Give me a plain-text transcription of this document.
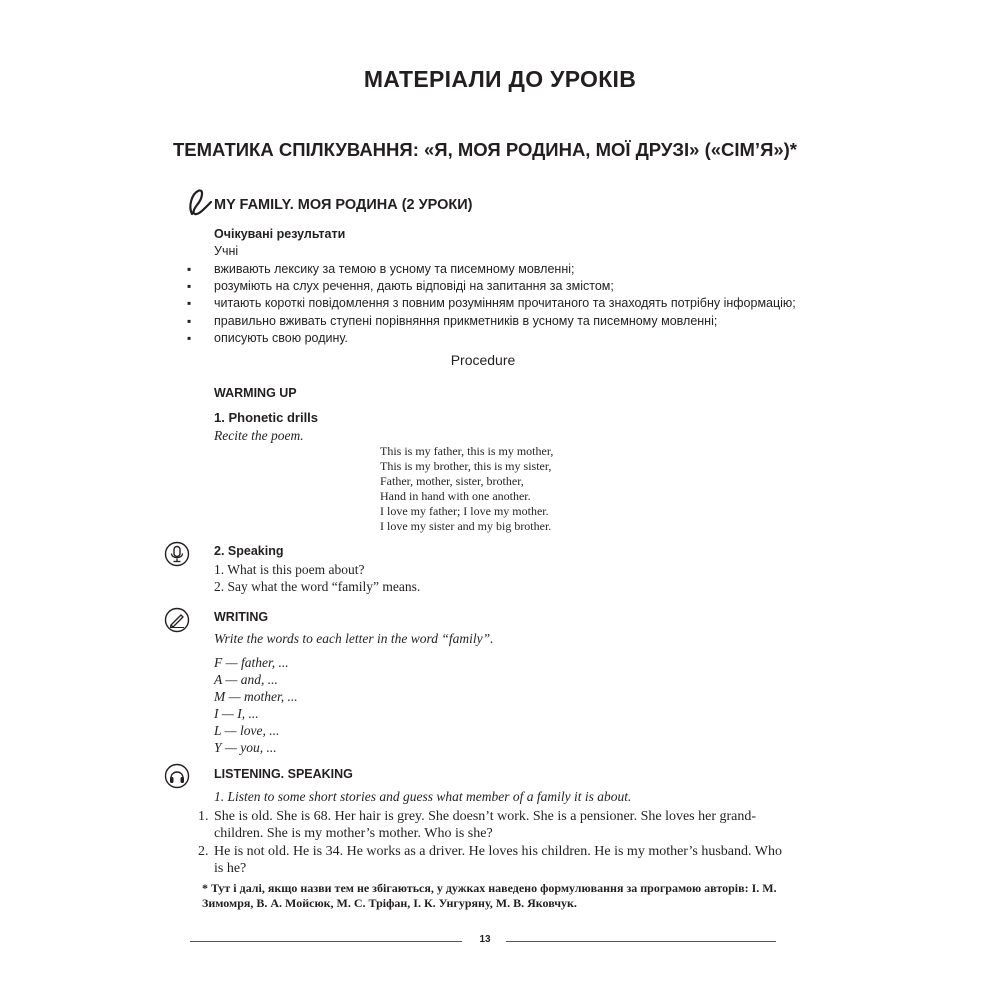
МАТЕРІАЛИ ДО УРОКІВ
ТЕМАТИКА СПІЛКУВАННЯ: «Я, МОЯ РОДИНА, МОЇ ДРУЗІ» («СІМ’Я»)*
MY FAMILY. МОЯ РОДИНА (2 УРОКИ)
Очікувані результати
Учні
▪ вживають лексику за темою в усному та писемному мовленні;
▪ розуміють на слух речення, дають відповіді на запитання за змістом;
▪ читають короткі повідомлення з повним розумінням прочитаного та знаходять потрібну інформацію;
▪ правильно вживать ступені порівняння прикметників в усному та писемному мовленні;
▪ описують свою родину.
Procedure
WARMING UP
1. Phonetic drills
Recite the poem.
This is my father, this is my mother,
This is my brother, this is my sister,
Father, mother, sister, brother,
Hand in hand with one another.
I love my father; I love my mother.
I love my sister and my big brother.
2. Speaking
1. What is this poem about?
2. Say what the word “family” means.
WRITING
Write the words to each letter in the word “family”.
F — father, ...
A — and, ...
M — mother, ...
I — I, ...
L — love, ...
Y — you, ...
LISTENING. SPEAKING
1. Listen to some short stories and guess what member of a family it is about.
1. She is old. She is 68. Her hair is grey. She doesn’t work. She is a pensioner. She loves her grand-children. She is my mother’s mother. Who is she?
2. He is not old. He is 34. He works as a driver. He loves his children. He is my mother’s husband. Who is he?
* Тут і далі, якщо назви тем не збігаються, у дужках наведено формулювання за програмою авторів: І. М. Зимомря, В. А. Мойсюк, М. С. Тріфан, І. К. Унгуряну, М. В. Яковчук.
13
